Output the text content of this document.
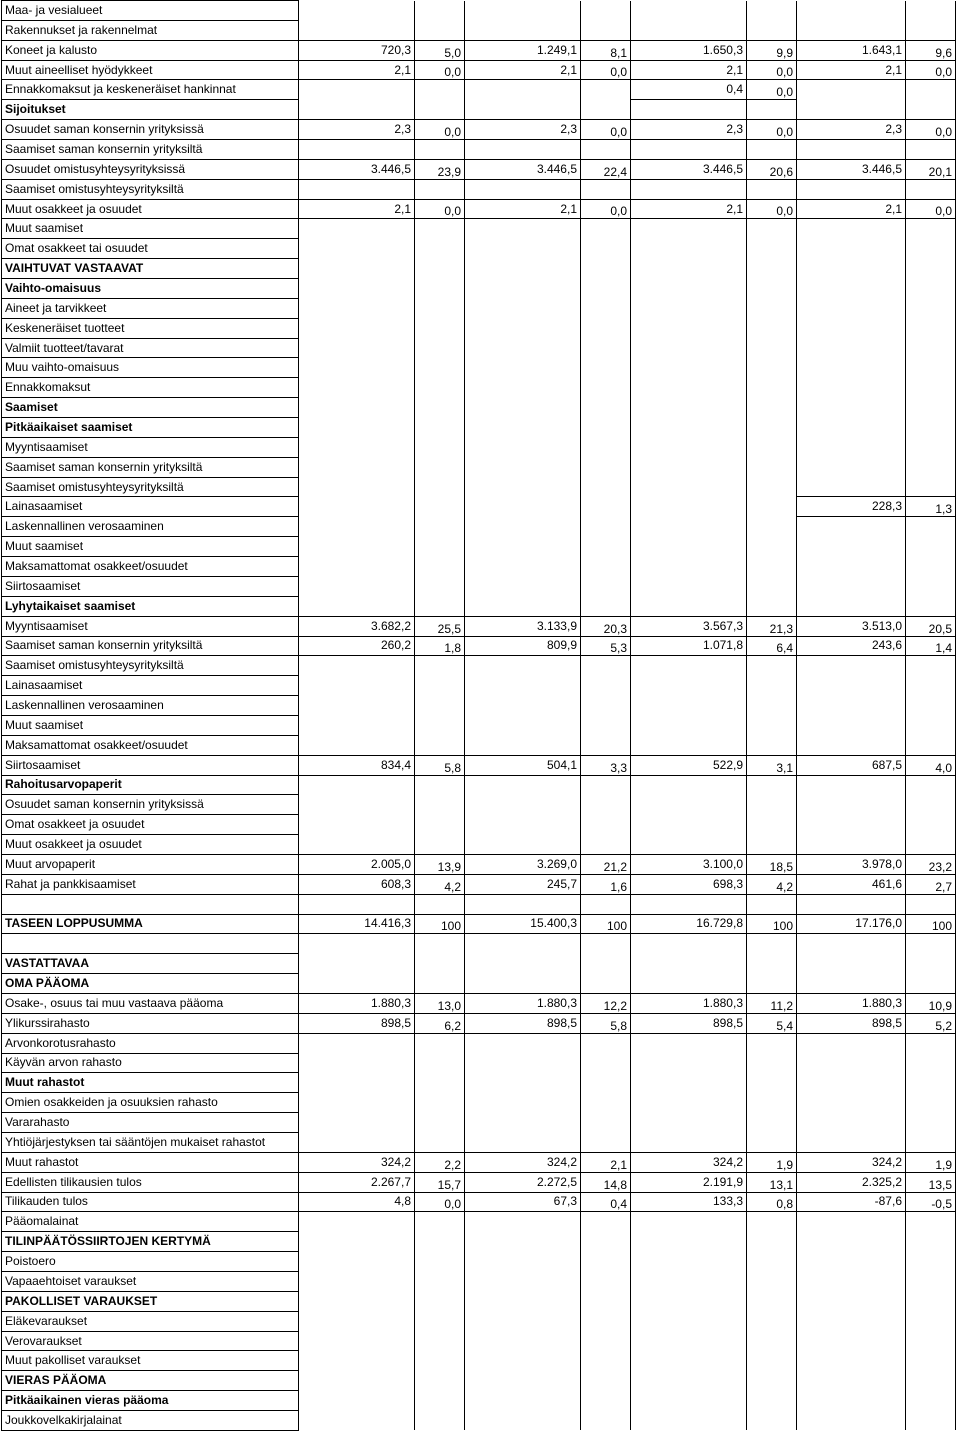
Maa- ja vesialueet								
Rakennukset ja rakennelmat								
Koneet ja kalusto	720,3	5,0	1.249,1	8,1	1.650,3	9,9	1.643,1	9,6
Muut aineelliset hyödykkeet	2,1	0,0	2,1	0,0	2,1	0,0	2,1	0,0
Ennakkomaksut ja keskeneräiset hankinnat					0,4	0,0		
Sijoitukset								
Osuudet saman konsernin yrityksissä	2,3	0,0	2,3	0,0	2,3	0,0	2,3	0,0
Saamiset saman konsernin yrityksiltä								
Osuudet omistusyhteysyrityksissä	3.446,5	23,9	3.446,5	22,4	3.446,5	20,6	3.446,5	20,1
Saamiset omistusyhteysyrityksiltä								
Muut osakkeet ja osuudet	2,1	0,0	2,1	0,0	2,1	0,0	2,1	0,0
Muut saamiset								
Omat osakkeet tai osuudet								
VAIHTUVAT VASTAAVAT								
Vaihto-omaisuus								
Aineet ja tarvikkeet								
Keskeneräiset tuotteet								
Valmiit tuotteet/tavarat								
Muu vaihto-omaisuus								
Ennakkomaksut								
Saamiset								
Pitkäaikaiset saamiset								
Myyntisaamiset								
Saamiset saman konsernin yrityksiltä								
Saamiset omistusyhteysyrityksiltä								
Lainasaamiset							228,3	1,3
Laskennallinen verosaaminen								
Muut saamiset								
Maksamattomat osakkeet/osuudet								
Siirtosaamiset								
Lyhytaikaiset saamiset								
Myyntisaamiset	3.682,2	25,5	3.133,9	20,3	3.567,3	21,3	3.513,0	20,5
Saamiset saman konsernin yrityksiltä	260,2	1,8	809,9	5,3	1.071,8	6,4	243,6	1,4
Saamiset omistusyhteysyrityksiltä								
Lainasaamiset								
Laskennallinen verosaaminen								
Muut saamiset								
Maksamattomat osakkeet/osuudet								
Siirtosaamiset	834,4	5,8	504,1	3,3	522,9	3,1	687,5	4,0
Rahoitusarvopaperit								
Osuudet saman konsernin yrityksissä								
Omat osakkeet ja osuudet								
Muut osakkeet ja osuudet								
Muut arvopaperit	2.005,0	13,9	3.269,0	21,2	3.100,0	18,5	3.978,0	23,2
Rahat ja pankkisaamiset	608,3	4,2	245,7	1,6	698,3	4,2	461,6	2,7

TASEEN LOPPUSUMMA	14.416,3	100	15.400,3	100	16.729,8	100	17.176,0	100

VASTATTAVAA								
OMA PÄÄOMA								
Osake-, osuus tai muu vastaava pääoma	1.880,3	13,0	1.880,3	12,2	1.880,3	11,2	1.880,3	10,9
Ylikurssirahasto	898,5	6,2	898,5	5,8	898,5	5,4	898,5	5,2
Arvonkorotusrahasto								
Käyvän arvon rahasto								
Muut rahastot								
Omien osakkeiden ja osuuksien rahasto								
Vararahasto								
Yhtiöjärjestyksen tai sääntöjen mukaiset rahastot								
Muut rahastot	324,2	2,2	324,2	2,1	324,2	1,9	324,2	1,9
Edellisten tilikausien tulos	2.267,7	15,7	2.272,5	14,8	2.191,9	13,1	2.325,2	13,5
Tilikauden tulos	4,8	0,0	67,3	0,4	133,3	0,8	-87,6	-0,5
Pääomalainat								
TILINPÄÄTÖSSIIRTOJEN KERTYMÄ								
Poistoero								
Vapaaehtoiset varaukset								
PAKOLLISET VARAUKSET								
Eläkevaraukset								
Verovaraukset								
Muut pakolliset varaukset								
VIERAS PÄÄOMA								
Pitkäaikainen vieras pääoma								
Joukkovelkakirjalainat								
